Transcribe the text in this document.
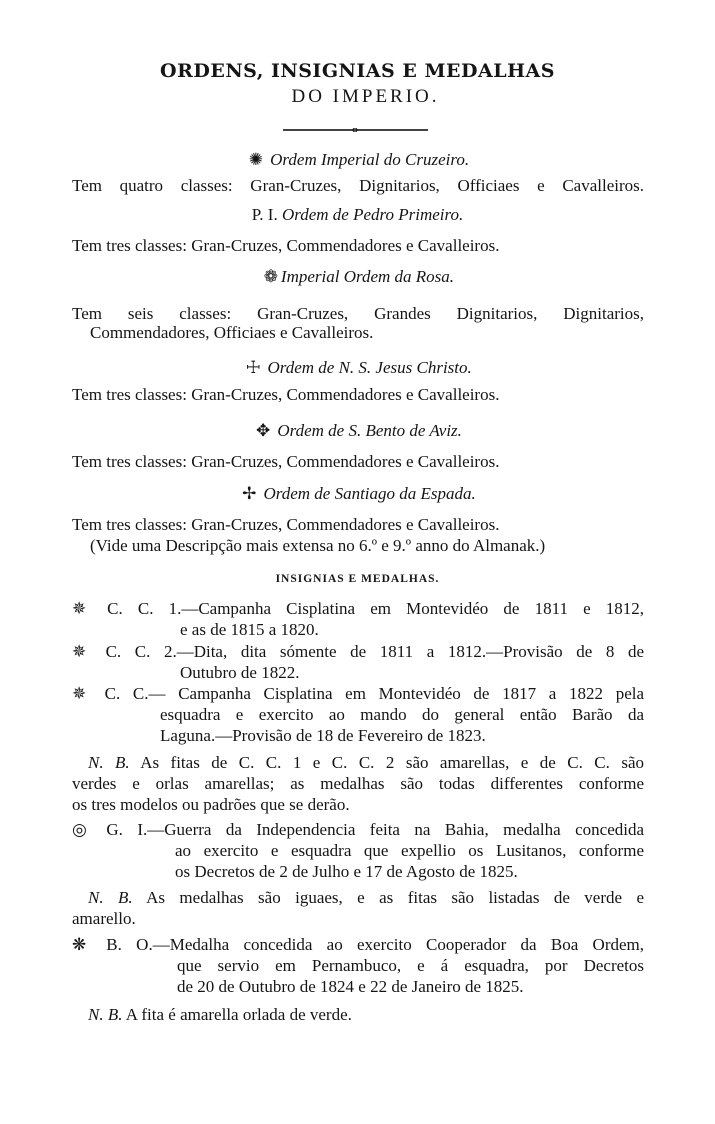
ORDENS, INSIGNIAS E MEDALHAS
DO IMPERIO.
✺ Ordem Imperial do Cruzeiro.
Tem quatro classes: Gran-Cruzes, Dignitarios, Officiaes e Cavalleiros.
P. I. Ordem de Pedro Primeiro.
Tem tres classes: Gran-Cruzes, Commendadores e Cavalleiros.
❁ Imperial Ordem da Rosa.
Tem seis classes: Gran-Cruzes, Grandes Dignitarios, Dignitarios,
Commendadores, Officiaes e Cavalleiros.
☩ Ordem de N. S. Jesus Christo.
Tem tres classes: Gran-Cruzes, Commendadores e Cavalleiros.
✥ Ordem de S. Bento de Aviz.
Tem tres classes: Gran-Cruzes, Commendadores e Cavalleiros.
✢ Ordem de Santiago da Espada.
Tem tres classes: Gran-Cruzes, Commendadores e Cavalleiros.
(Vide uma Descripção mais extensa no 6.º e 9.º anno do Almanak.)
INSIGNIAS E MEDALHAS.
✵ C. C. 1.—Campanha Cisplatina em Montevidéo de 1811 e 1812,
e as de 1815 a 1820.
✵ C. C. 2.—Dita, dita sómente de 1811 a 1812.—Provisão de 8 de
Outubro de 1822.
✵ C. C.— Campanha Cisplatina em Montevidéo de 1817 a 1822 pela
esquadra e exercito ao mando do general então Barão da
Laguna.—Provisão de 18 de Fevereiro de 1823.
N. B. As fitas de C. C. 1 e C. C. 2 são amarellas, e de C. C. são
verdes e orlas amarellas; as medalhas são todas differentes conforme
os tres modelos ou padrões que se derão.
◎ G. I.—Guerra da Independencia feita na Bahia, medalha concedida
ao exercito e esquadra que expellio os Lusitanos, conforme
os Decretos de 2 de Julho e 17 de Agosto de 1825.
N. B. As medalhas são iguaes, e as fitas são listadas de verde e
amarello.
❋ B. O.—Medalha concedida ao exercito Cooperador da Boa Ordem,
que servio em Pernambuco, e á esquadra, por Decretos
de 20 de Outubro de 1824 e 22 de Janeiro de 1825.
N. B. A fita é amarella orlada de verde.
